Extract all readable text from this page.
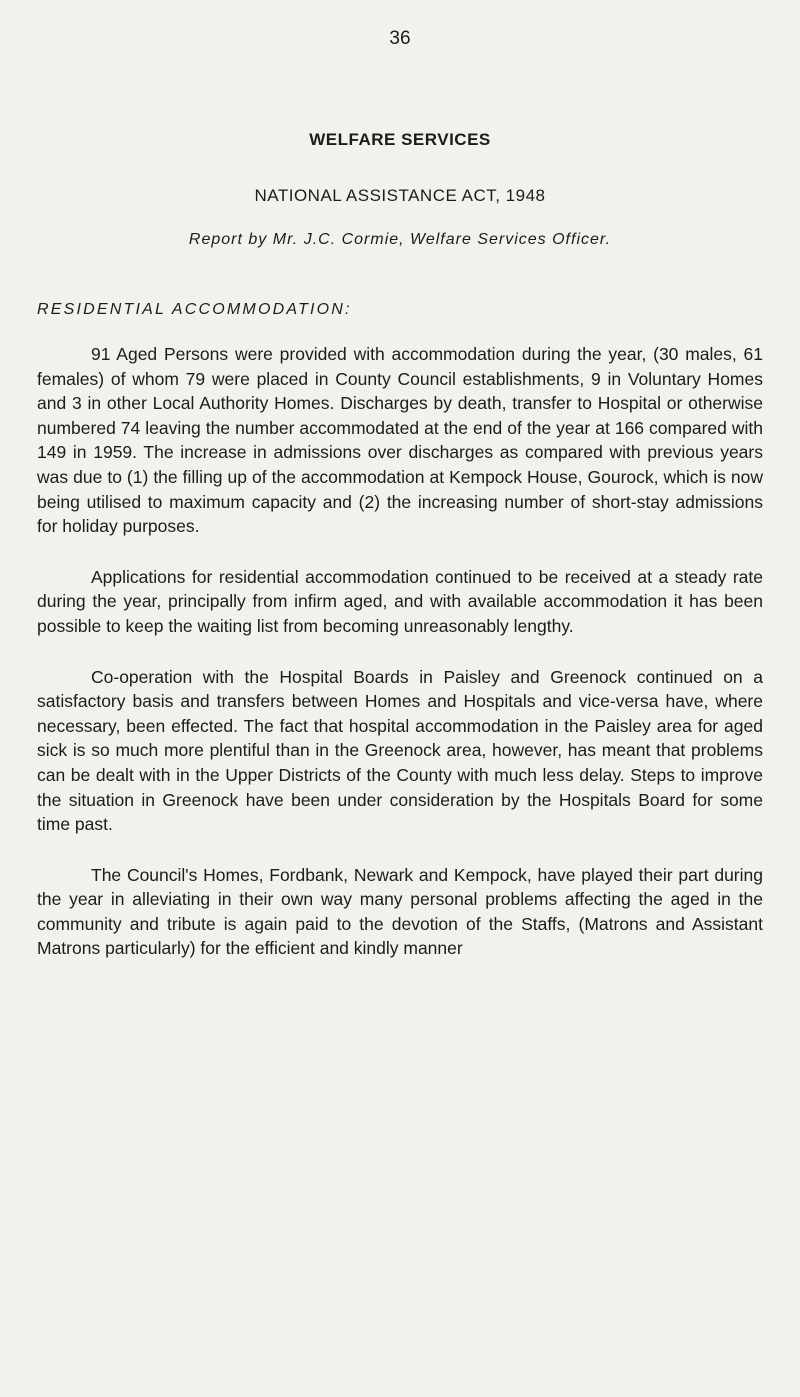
36
WELFARE SERVICES
NATIONAL ASSISTANCE ACT, 1948
Report by Mr. J.C. Cormie, Welfare Services Officer.
RESIDENTIAL ACCOMMODATION:

91 Aged Persons were provided with accommodation during the year, (30 males, 61 females) of whom 79 were placed in County Council establishments, 9 in Voluntary Homes and 3 in other Local Authority Homes. Discharges by death, transfer to Hospital or otherwise numbered 74 leaving the number accommodated at the end of the year at 166 compared with 149 in 1959. The increase in admissions over discharges as compared with previous years was due to (1) the filling up of the accommodation at Kempock House, Gourock, which is now being utilised to maximum capacity and (2) the increasing number of short-stay admissions for holiday purposes.

Applications for residential accommodation continued to be received at a steady rate during the year, principally from infirm aged, and with available accommodation it has been possible to keep the waiting list from becoming unreasonably lengthy.

Co-operation with the Hospital Boards in Paisley and Greenock continued on a satisfactory basis and transfers between Homes and Hospitals and vice-versa have, where necessary, been effected. The fact that hospital accommodation in the Paisley area for aged sick is so much more plentiful than in the Greenock area, however, has meant that problems can be dealt with in the Upper Districts of the County with much less delay. Steps to improve the situation in Greenock have been under consideration by the Hospitals Board for some time past.

The Council's Homes, Fordbank, Newark and Kempock, have played their part during the year in alleviating in their own way many personal problems affecting the aged in the community and tribute is again paid to the devotion of the Staffs, (Matrons and Assistant Matrons particularly) for the efficient and kindly manner
